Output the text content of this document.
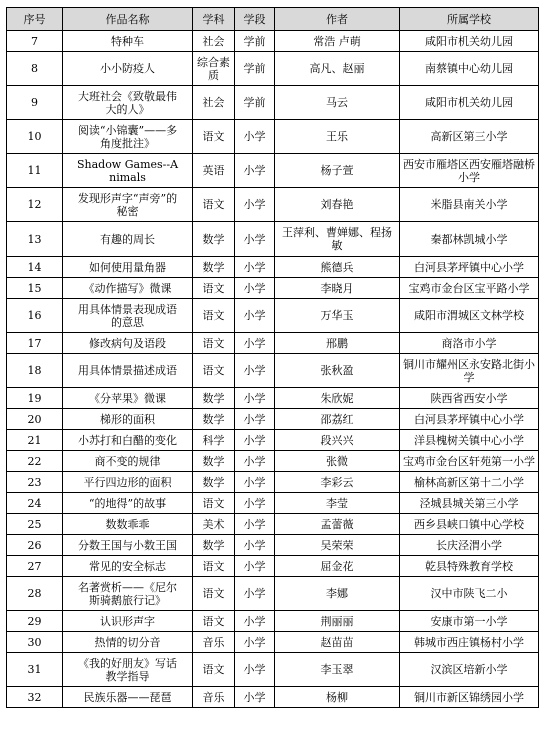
序号	作品名称	学科	学段	作者	所属学校
7	特种车	社会	学前	常浩 卢萌	咸阳市机关幼儿园
8	小小防疫人	综合素质	学前	高凡、赵丽	南蔡镇中心幼儿园
9	大班社会《致敬最伟大的人》	社会	学前	马云	咸阳市机关幼儿园
10	阅读“小锦囊”——多角度批注》	语文	小学	王乐	高新区第三小学
11	Shadow Games--Animals	英语	小学	杨子萱	西安市雁塔区西安雁塔融桥小学
12	发现形声字“声旁”的秘密	语文	小学	刘春艳	米脂县南关小学
13	有趣的周长	数学	小学	王萍利、曹婵娜、程扬敏	秦都林凯城小学
14	如何使用量角器	数学	小学	熊德兵	白河县茅坪镇中心小学
15	《动作描写》微课	语文	小学	李晓月	宝鸡市金台区宝平路小学
16	用具体情景表现成语的意思	语文	小学	万华玉	咸阳市渭城区文林学校
17	修改病句及语段	语文	小学	邢鹏	商洛市小学
18	用具体情景描述成语	语文	小学	张秋盈	铜川市耀州区永安路北街小学
19	《分苹果》微课	数学	小学	朱欣妮	陕西省西安小学
20	梯形的面积	数学	小学	邵荔红	白河县茅坪镇中心小学
21	小苏打和白醋的变化	科学	小学	段兴兴	洋县槐树关镇中心小学
22	商不变的规律	数学	小学	张微	宝鸡市金台区轩苑第一小学
23	平行四边形的面积	数学	小学	李彩云	榆林高新区第十二小学
24	“的地得”的故事	语文	小学	李莹	泾城县城关第三小学
25	数数乖乖	美术	小学	孟蕾薇	西乡县峡口镇中心学校
26	分数王国与小数王国	数学	小学	吴荣荣	长庆泾渭小学
27	常见的安全标志	语文	小学	屈金花	乾县特殊教育学校
28	名著赏析——《尼尔斯骑鹅旅行记》	语文	小学	李娜	汉中市陕飞二小
29	认识形声字	语文	小学	荆丽丽	安康市第一小学
30	热情的切分音	音乐	小学	赵苗苗	韩城市西庄镇杨村小学
31	《我的好朋友》写话教学指导	语文	小学	李玉翠	汉滨区培新小学
32	民族乐器——琵琶	音乐	小学	杨柳	铜川市新区锦绣园小学
